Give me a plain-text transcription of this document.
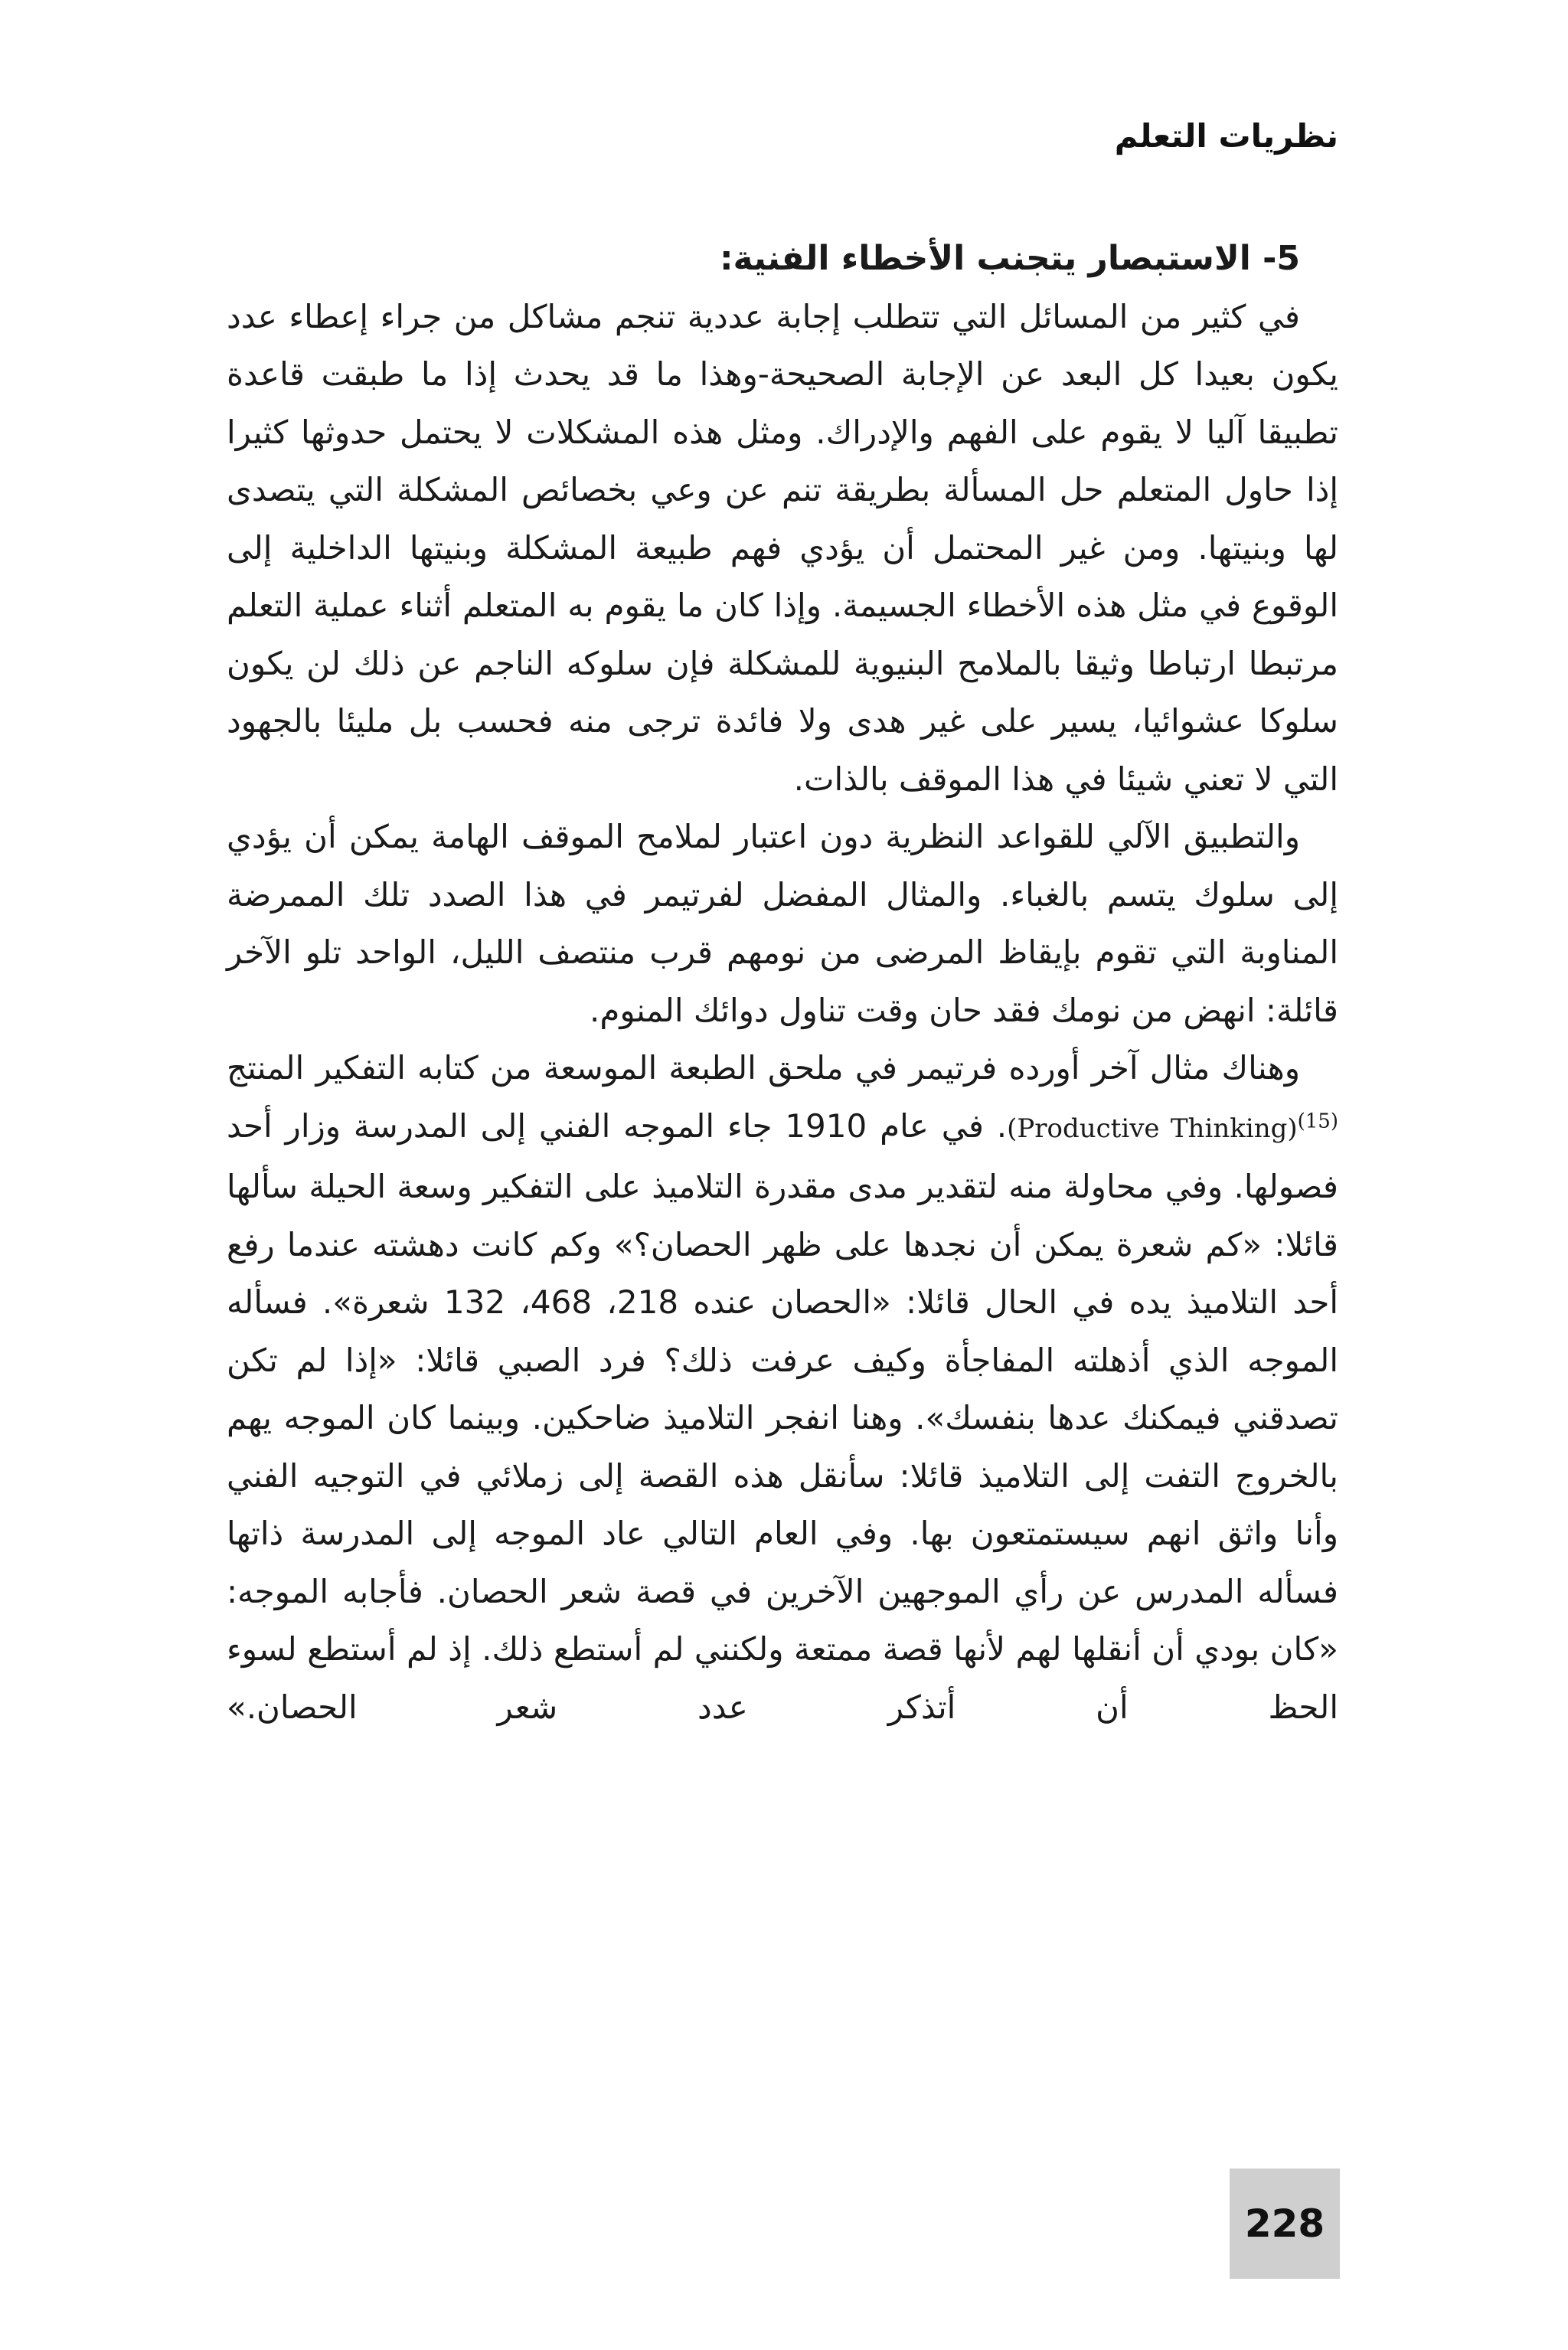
نظريات التعلم

5- الاستبصار يتجنب الأخطاء الفنية:

في كثير من المسائل التي تتطلب إجابة عددية تنجم مشاكل من جراء إعطاء عدد يكون بعيدا كل البعد عن الإجابة الصحيحة-وهذا ما قد يحدث إذا ما طبقت قاعدة تطبيقا آليا لا يقوم على الفهم والإدراك. ومثل هذه المشكلات لا يحتمل حدوثها كثيرا إذا حاول المتعلم حل المسألة بطريقة تنم عن وعي بخصائص المشكلة التي يتصدى لها وبنيتها. ومن غير المحتمل أن يؤدي فهم طبيعة المشكلة وبنيتها الداخلية إلى الوقوع في مثل هذه الأخطاء الجسيمة. وإذا كان ما يقوم به المتعلم أثناء عملية التعلم مرتبطا ارتباطا وثيقا بالملامح البنيوية للمشكلة فإن سلوكه الناجم عن ذلك لن يكون سلوكا عشوائيا، يسير على غير هدى ولا فائدة ترجى منه فحسب بل مليئا بالجهود التي لا تعني شيئا في هذا الموقف بالذات.

والتطبيق الآلي للقواعد النظرية دون اعتبار لملامح الموقف الهامة يمكن أن يؤدي إلى سلوك يتسم بالغباء. والمثال المفضل لفرتيمر في هذا الصدد تلك الممرضة المناوبة التي تقوم بإيقاظ المرضى من نومهم قرب منتصف الليل، الواحد تلو الآخر قائلة: انهض من نومك فقد حان وقت تناول دوائك المنوم.

وهناك مثال آخر أورده فرتيمر في ملحق الطبعة الموسعة من كتابه التفكير المنتج (Productive Thinking)$^{(15)}$. في عام 1910 جاء الموجه الفني إلى المدرسة وزار أحد فصولها. وفي محاولة منه لتقدير مدى مقدرة التلاميذ على التفكير وسعة الحيلة سألها قائلا: «كم شعرة يمكن أن نجدها على ظهر الحصان؟» وكم كانت دهشته عندما رفع أحد التلاميذ يده في الحال قائلا: «الحصان عنده 218، 468، 132 شعرة». فسأله الموجه الذي أذهلته المفاجأة وكيف عرفت ذلك؟ فرد الصبي قائلا: «إذا لم تكن تصدقني فيمكنك عدها بنفسك». وهنا انفجر التلاميذ ضاحكين. وبينما كان الموجه يهم بالخروج التفت إلى التلاميذ قائلا: سأنقل هذه القصة إلى زملائي في التوجيه الفني وأنا واثق انهم سيستمتعون بها. وفي العام التالي عاد الموجه إلى المدرسة ذاتها فسأله المدرس عن رأي الموجهين الآخرين في قصة شعر الحصان. فأجابه الموجه: «كان بودي أن أنقلها لهم لأنها قصة ممتعة ولكنني لم أستطع ذلك. إذ لم أستطع لسوء الحظ أن أتذكر عدد شعر الحصان.»

228
